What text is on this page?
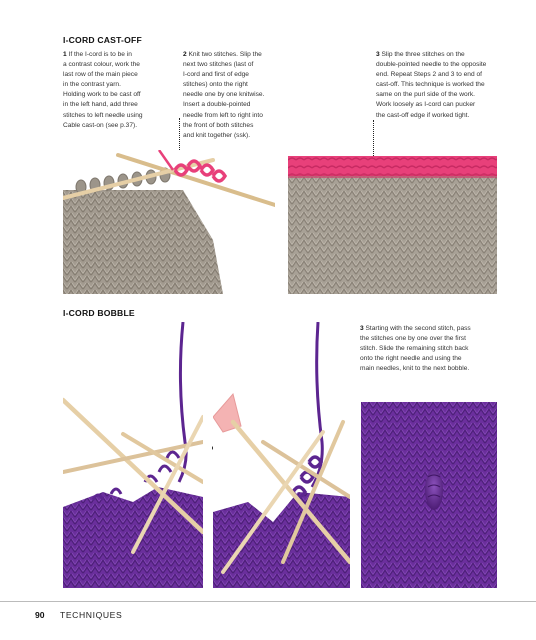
I-CORD CAST-OFF
1 If the I-cord is to be in
a contrast colour, work the
last row of the main piece
in the contrast yarn.
Holding work to be cast off
in the left hand, add three
stitches to left needle using
Cable cast-on (see p.37).
2 Knit two stitches. Slip the
next two stitches (last of
I-cord and first of edge
stitches) onto the right
needle one by one knitwise.
Insert a double-pointed
needle from left to right into
the front of both stitches
and knit together (ssk).
3 Slip the three stitches on the
double-pointed needle to the opposite
end. Repeat Steps 2 and 3 to end of
cast-off. This technique is worked the
same on the purl side of the work.
Work loosely as I-cord can pucker
the cast-off edge if worked tight.
I-CORD BOBBLE
3 Starting with the second stitch, pass
the stitches one by one over the first
stitch. Slide the remaining stitch back
onto the right needle and using the
main needles, knit to the next bobble.
90 TECHNIQUES
